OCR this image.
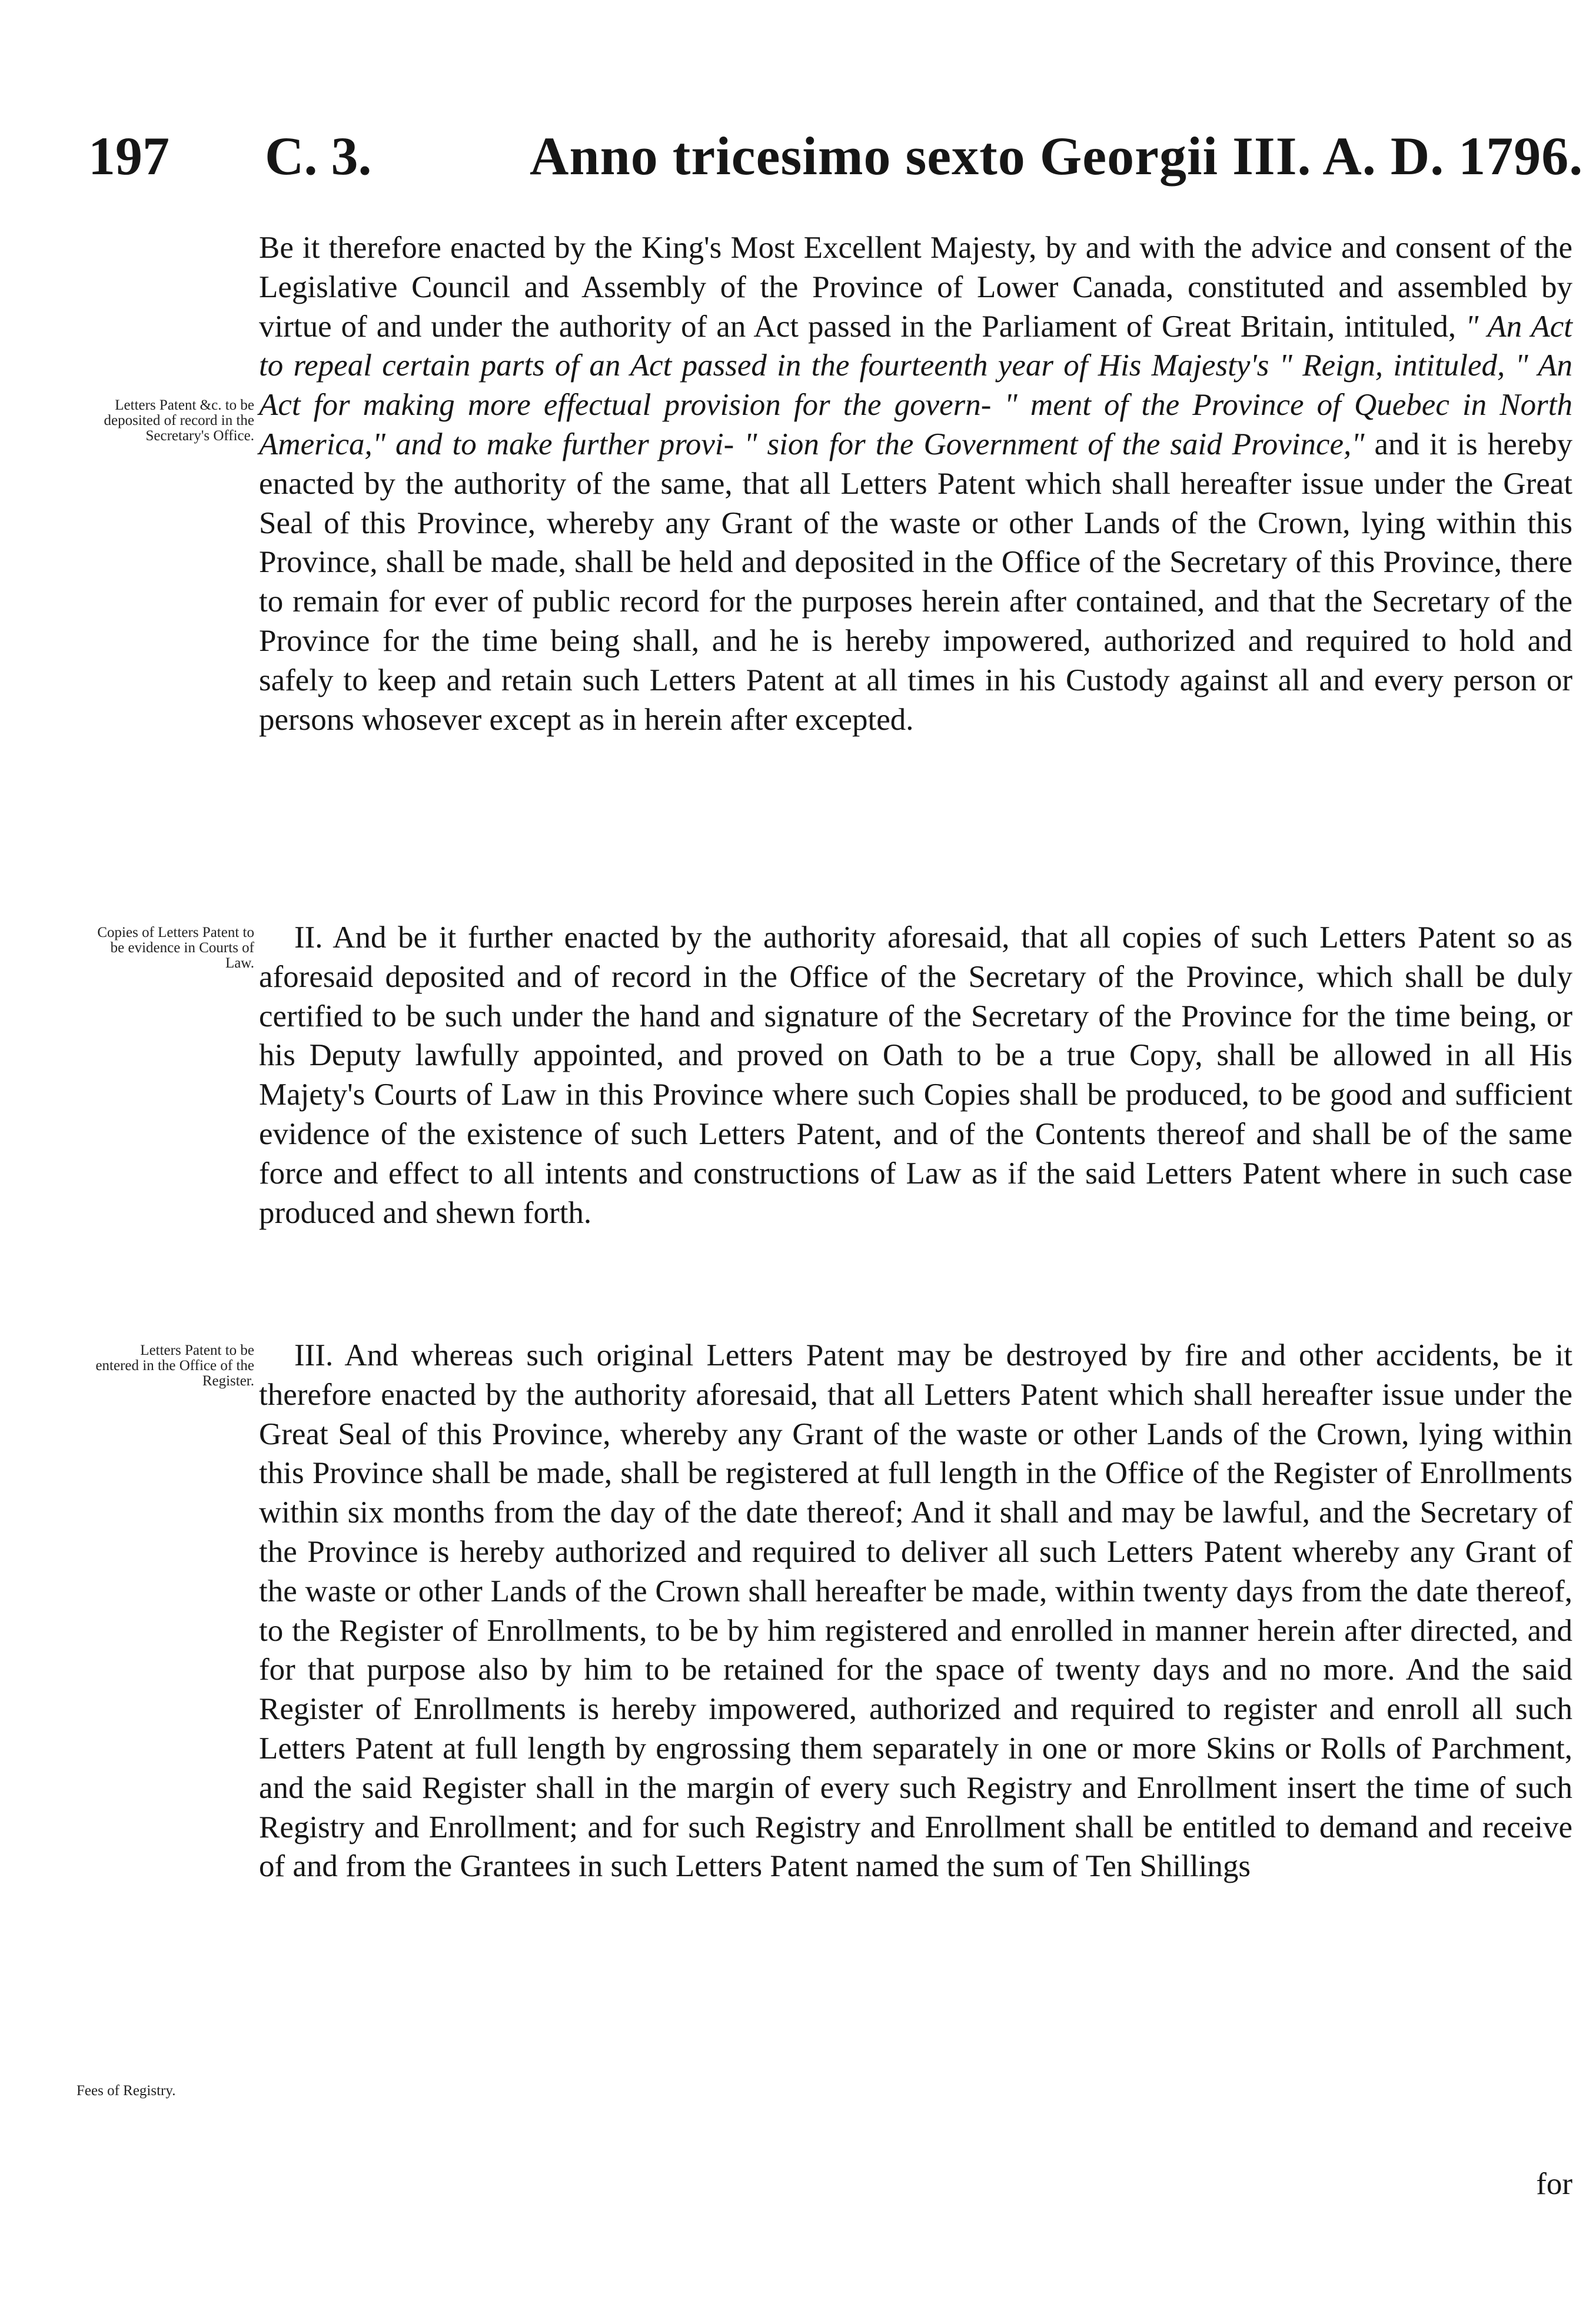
197 C. 3.	Anno tricesimo sexto Georgii III. A. D. 1796.
Letters Patent &c. to be deposited of record in the Secretary's Office.
Copies of Letters Patent to be evidence in Courts of Law.
Letters Patent to be entered in the Office of the Register.
Fees of Registry.

Be it therefore enacted by the King's Most Excellent Majesty, by and with the advice and consent of the Legislative Council and Assembly of the Province of Lower Canada, constituted and assembled by virtue of and under the authority of an Act passed in the Parliament of Great Britain, intituled, " An Act to repeal certain parts of an Act passed in the fourteenth year of His Majesty's " Reign, intituled, " An Act for making more effectual provision for the govern- " ment of the Province of Quebec in North America," and to make further provi- " sion for the Government of the said Province," and it is hereby enacted by the authority of the same, that all Letters Patent which shall hereafter issue under the Great Seal of this Province, whereby any Grant of the waste or other Lands of the Crown, lying within this Province, shall be made, shall be held and deposited in the Office of the Secretary of this Province, there to remain for ever of public record for the purposes herein after contained, and that the Secretary of the Province for the time being shall, and he is hereby impowered, authorized and required to hold and safely to keep and retain such Letters Patent at all times in his Custody against all and every person or persons whosever except as in herein after excepted.

II. And be it further enacted by the authority aforesaid, that all copies of such Letters Patent so as aforesaid deposited and of record in the Office of the Secretary of the Province, which shall be duly certified to be such under the hand and signature of the Secretary of the Province for the time being, or his Deputy lawfully appointed, and proved on Oath to be a true Copy, shall be allowed in all His Majety's Courts of Law in this Province where such Copies shall be produced, to be good and sufficient evidence of the existence of such Letters Patent, and of the Contents thereof and shall be of the same force and effect to all intents and constructions of Law as if the said Letters Patent where in such case produced and shewn forth.

III. And whereas such original Letters Patent may be destroyed by fire and other accidents, be it therefore enacted by the authority aforesaid, that all Letters Patent which shall hereafter issue under the Great Seal of this Province, whereby any Grant of the waste or other Lands of the Crown, lying within this Province shall be made, shall be registered at full length in the Office of the Register of Enrollments within six months from the day of the date thereof; And it shall and may be lawful, and the Secretary of the Province is hereby authorized and required to deliver all such Letters Patent whereby any Grant of the waste or other Lands of the Crown shall hereafter be made, within twenty days from the date thereof, to the Register of Enrollments, to be by him registered and enrolled in manner herein after directed, and for that purpose also by him to be retained for the space of twenty days and no more. And the said Register of Enrollments is hereby impowered, authorized and required to register and enroll all such Letters Patent at full length by engrossing them separately in one or more Skins or Rolls of Parchment, and the said Register shall in the margin of every such Registry and Enrollment insert the time of such Registry and Enrollment; and for such Registry and Enrollment shall be entitled to demand and receive of and from the Grantees in such Letters Patent named the sum of Ten Shillings

for
